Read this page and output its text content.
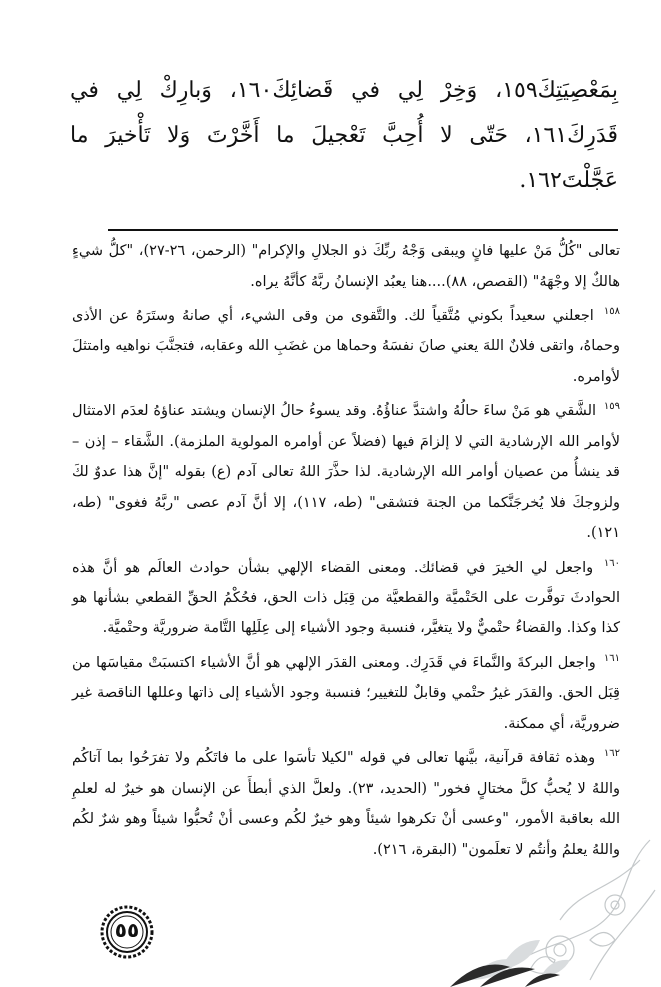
بِمَعْصِيَتِكَ١٥٩، وَخِرْ لِي في قَضائِكَ١٦٠، وَبارِكْ لِي في قَدَرِكَ١٦١، حَتّى لا أُحِبَّ تَعْجيلَ ما أَخَّرْتَ وَلا تَأْخيرَ ما عَجَّلْتَ١٦٢.

تعالى "كُلُّ مَنْ عليها فانٍ ويبقى وَجْهُ ربِّكَ ذو الجلالِ والإكرام" (الرحمن، ٢٦-٢٧)، "كلُّ شيءٍ هالكٌ إلا وجْهَهُ" (القصص، ٨٨)....هنا يعبُد الإنسانُ ربَّهُ كأنَّهُ يراه.

$^{١٥٨}$ اجعلني سعيداً بكوني مُتَّقياً لك. والتَّقوى من وقى الشيء، أي صانهُ وستَرَهُ عن الأذى وحماهُ، واتقى فلانٌ اللهَ يعني صانَ نفسَهُ وحماها من غضَبِ الله وعقابه، فتجنَّبَ نواهيه وامتثلَ لأوامره.

$^{١٥٩}$ الشَّقي هو مَنْ ساءَ حالُهُ واشتدَّ عناؤُهُ. وقد يسوءُ حالُ الإنسان ويشتد عناؤهُ لعدَم الامتثال لأوامر الله الإرشادية التي لا إلزامَ فيها (فضلاً عن أوامره المولوية الملزمة). الشَّقاء – إذن – قد ينشأُ من عصيان أوامر الله الإرشادية. لذا حذَّرَ اللهُ تعالى آدم (ع) بقوله "إنَّ هذا عدوٌ لكَ ولزوجكَ فلا يُخرجَنَّكما من الجنة فتشقى" (طه، ١١٧)، إلا أنَّ آدم عصى "ربَّهُ فغوى" (طه، ١٢١).

$^{١٦٠}$ واجعل لي الخيرَ في قضائك. ومعنى القضاء الإلهي بشأن حوادث العالَم هو أنَّ هذه الحوادثَ توفَّرت على الحَتْميَّة والقطعيَّة من قِبَل ذات الحق، فحُكْمُ الحقِّ القطعي بشأنها هو كذا وكذا. والقضاءُ حتْميٌّ ولا يتغيَّر، فنسبة وجود الأشياء إلى عِلَلِها التَّامة ضروريَّة وحتْميَّة.

$^{١٦١}$ واجعل البركةَ والنَّماءَ في قَدَرِك. ومعنى القدَر الإلهي هو أنَّ الأشياء اكتسبَتْ مقياسَها من قِبَل الحق. والقدَر غيرُ حتْمي وقابلٌ للتغيير؛ فنسبة وجود الأشياء إلى ذاتها وعللها الناقصة غير ضروريَّة، أي ممكنة.

$^{١٦٢}$ وهذه ثقافة قرآنية، بيَّنها تعالى في قوله "لكيلا تأسَوا على ما فاتَكُم ولا تفرَحُوا بما آتاكُم واللهُ لا يُحبُّ كلَّ مختالٍ فخور" (الحديد، ٢٣). ولعلَّ الذي أبطأَ عن الإنسان هو خيرٌ له لعلمِ الله بعاقبة الأمور، "وعسى أنْ تكرهوا شيئاً وهو خيرٌ لكُم وعسى أنْ تُحبُّوا شيئاً وهو شرٌ لكُم واللهُ يعلمُ وأنتُم لا تعلَمون" (البقرة، ٢١٦).

٥٥
